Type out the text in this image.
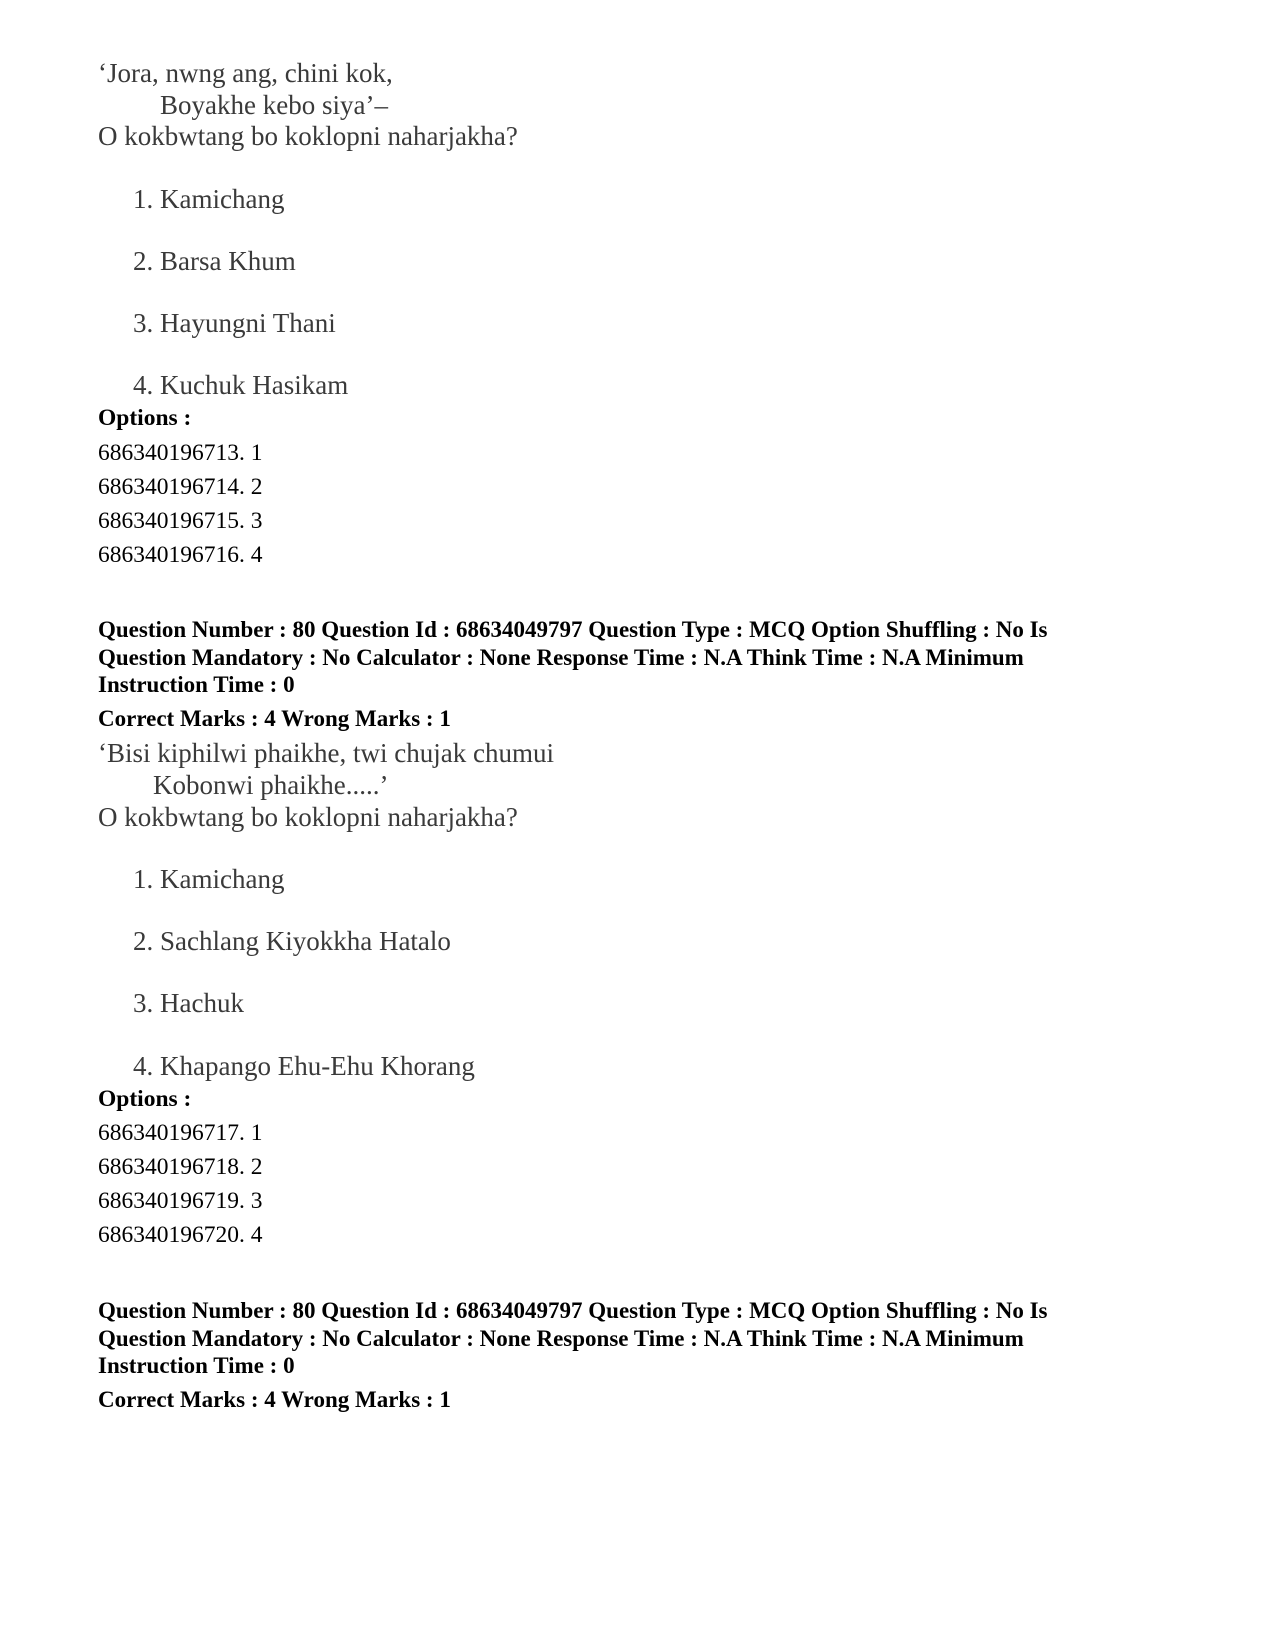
‘Jora, nwng ang, chini kok,
Boyakhe kebo siya’–
O kokbwtang bo koklopni naharjakha?
1. Kamichang
2. Barsa Khum
3. Hayungni Thani
4. Kuchuk Hasikam
Options :
686340196713. 1
686340196714. 2
686340196715. 3
686340196716. 4
Question Number : 80 Question Id : 68634049797 Question Type : MCQ Option Shuffling : No Is
Question Mandatory : No Calculator : None Response Time : N.A Think Time : N.A Minimum
Instruction Time : 0
Correct Marks : 4 Wrong Marks : 1
‘Bisi kiphilwi phaikhe, twi chujak chumui
Kobonwi phaikhe.....’
O kokbwtang bo koklopni naharjakha?
1. Kamichang
2. Sachlang Kiyokkha Hatalo
3. Hachuk
4. Khapango Ehu-Ehu Khorang
Options :
686340196717. 1
686340196718. 2
686340196719. 3
686340196720. 4
Question Number : 80 Question Id : 68634049797 Question Type : MCQ Option Shuffling : No Is
Question Mandatory : No Calculator : None Response Time : N.A Think Time : N.A Minimum
Instruction Time : 0
Correct Marks : 4 Wrong Marks : 1
